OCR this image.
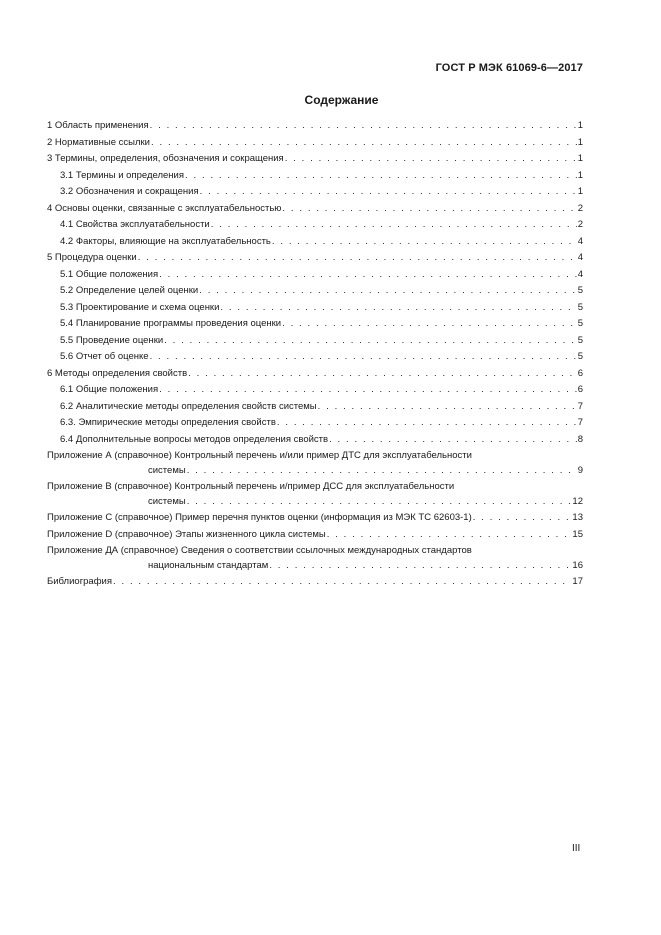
ГОСТ Р МЭК 61069-6—2017
Содержание
1 Область применения . . .	1
2 Нормативные ссылки . . .	1
3 Термины, определения, обозначения и сокращения . . .	1
3.1 Термины и определения . . .	1
3.2 Обозначения и сокращения . . .	1
4 Основы оценки, связанные с эксплуатабельностью . . .	2
4.1 Свойства эксплуатабельности . . .	2
4.2 Факторы, влияющие на эксплуатабельность . . .	4
5 Процедура оценки . . .	4
5.1 Общие положения . . .	4
5.2 Определение целей оценки . . .	5
5.3 Проектирование и схема оценки . . .	5
5.4 Планирование программы проведения оценки . . .	5
5.5 Проведение оценки . . .	5
5.6 Отчет об оценке . . .	5
6 Методы определения свойств . . .	6
6.1 Общие положения . . .	6
6.2 Аналитические методы определения свойств системы . . .	7
6.3. Эмпирические методы определения свойств . . .	7
6.4 Дополнительные вопросы методов определения свойств . . .	8
Приложение А (справочное) Контрольный перечень и/или пример ДТС для эксплуатабельности
системы . . .	9
Приложение В (справочное) Контрольный перечень и/пример ДСС для эксплуатабельности
системы . . .	12
Приложение С (справочное) Пример перечня пунктов оценки (информация из МЭК ТС 62603-1) . . .	13
Приложение D (справочное) Этапы жизненного цикла системы . . .	15
Приложение ДА (справочное) Сведения о соответствии ссылочных международных стандартов
национальным стандартам . . .	16
Библиография . . .	17
III
